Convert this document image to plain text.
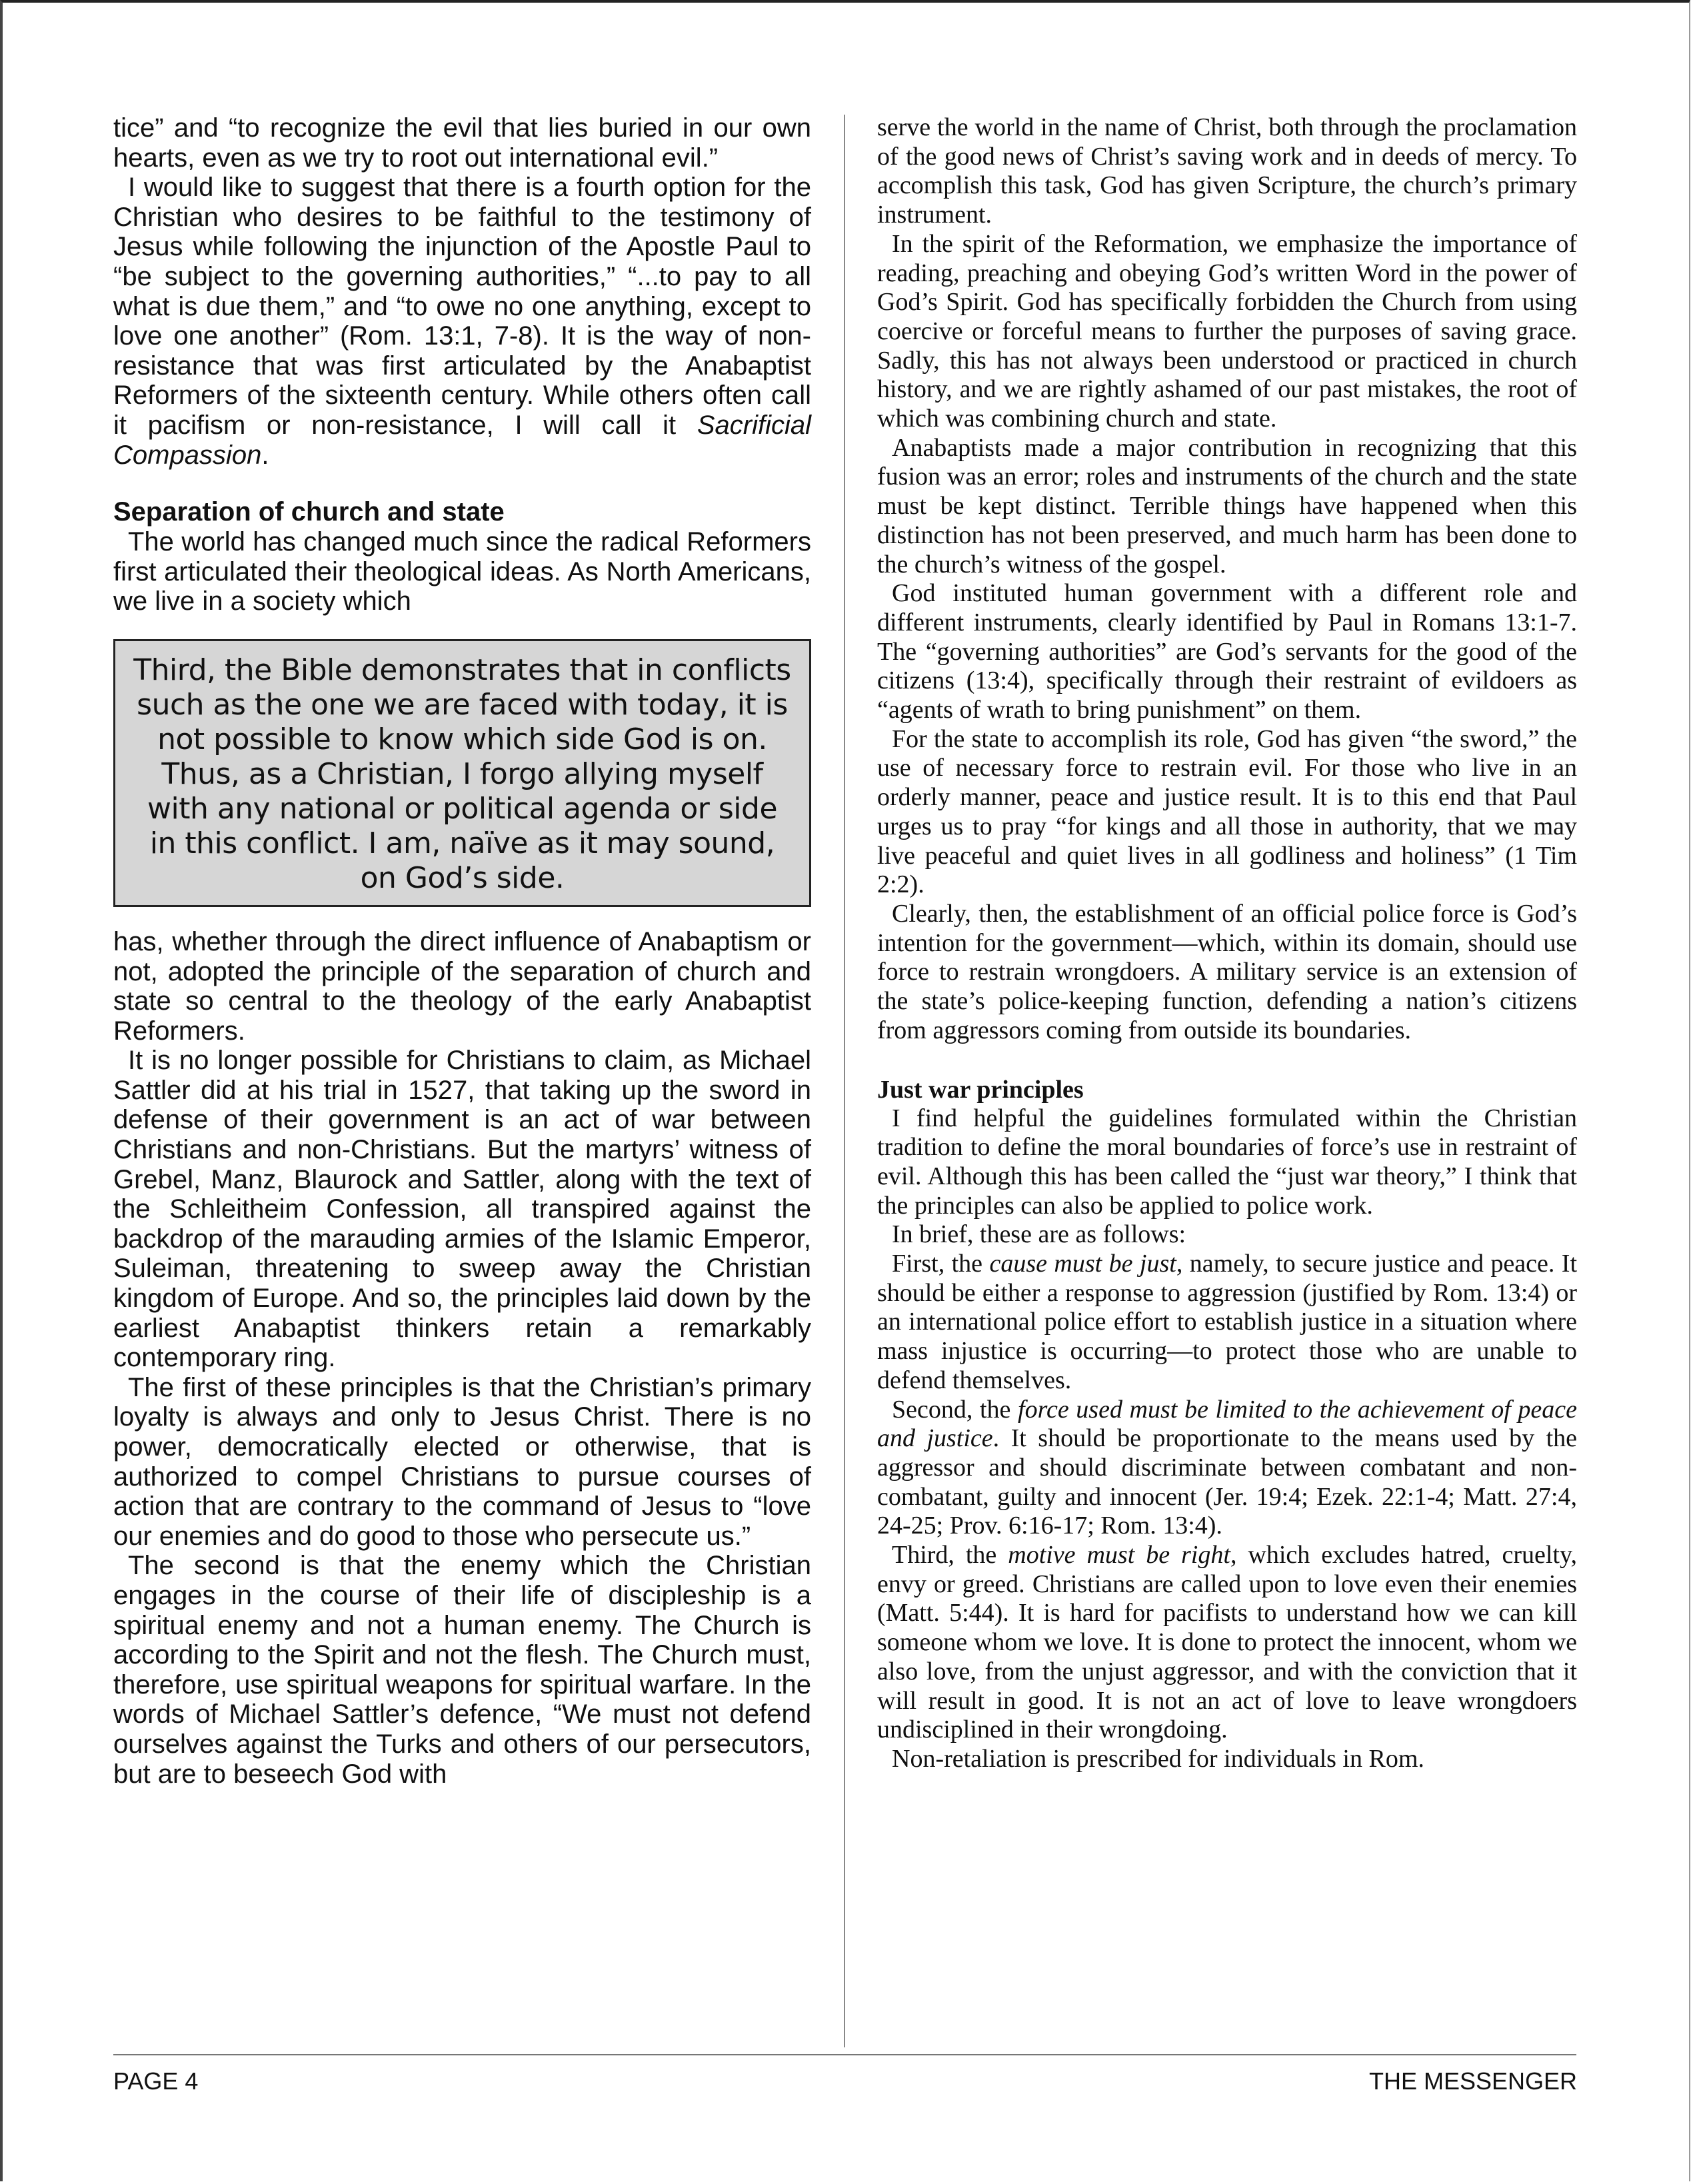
tice” and “to recognize the evil that lies buried in our own hearts, even as we try to root out international evil.”

I would like to suggest that there is a fourth option for the Christian who desires to be faithful to the testimony of Jesus while following the injunction of the Apostle Paul to “be subject to the governing authorities,” “...to pay to all what is due them,” and “to owe no one anything, except to love one another” (Rom. 13:1, 7-8). It is the way of non-resistance that was first articulated by the Anabaptist Reformers of the sixteenth century. While others often call it pacifism or non-resistance, I will call it Sacrificial Compassion.

Separation of church and state

The world has changed much since the radical Reformers first articulated their theological ideas. As North Americans, we live in a society which

Third, the Bible demonstrates that in conflicts such as the one we are faced with today, it is not possible to know which side God is on. Thus, as a Christian, I forgo allying myself with any national or political agenda or side in this conflict. I am, naïve as it may sound, on God’s side.

has, whether through the direct influence of Anabaptism or not, adopted the principle of the separation of church and state so central to the theology of the early Anabaptist Reformers.

It is no longer possible for Christians to claim, as Michael Sattler did at his trial in 1527, that taking up the sword in defense of their government is an act of war between Christians and non-Christians. But the martyrs’ witness of Grebel, Manz, Blaurock and Sattler, along with the text of the Schleitheim Confession, all transpired against the backdrop of the marauding armies of the Islamic Emperor, Suleiman, threatening to sweep away the Christian kingdom of Europe. And so, the principles laid down by the earliest Anabaptist thinkers retain a remarkably contemporary ring.

The first of these principles is that the Christian’s primary loyalty is always and only to Jesus Christ. There is no power, democratically elected or otherwise, that is authorized to compel Christians to pursue courses of action that are contrary to the command of Jesus to “love our enemies and do good to those who persecute us.”

The second is that the enemy which the Christian engages in the course of their life of discipleship is a spiritual enemy and not a human enemy. The Church is according to the Spirit and not the flesh. The Church must, therefore, use spiritual weapons for spiritual warfare. In the words of Michael Sattler’s defence, “We must not defend ourselves against the Turks and others of our persecutors, but are to beseech God with

serve the world in the name of Christ, both through the proclamation of the good news of Christ’s saving work and in deeds of mercy. To accomplish this task, God has given Scripture, the church’s primary instrument.

In the spirit of the Reformation, we emphasize the importance of reading, preaching and obeying God’s written Word in the power of God’s Spirit. God has specifically forbidden the Church from using coercive or forceful means to further the purposes of saving grace. Sadly, this has not always been understood or practiced in church history, and we are rightly ashamed of our past mistakes, the root of which was combining church and state.

Anabaptists made a major contribution in recognizing that this fusion was an error; roles and instruments of the church and the state must be kept distinct. Terrible things have happened when this distinction has not been preserved, and much harm has been done to the church’s witness of the gospel.

God instituted human government with a different role and different instruments, clearly identified by Paul in Romans 13:1-7. The “governing authorities” are God’s servants for the good of the citizens (13:4), specifically through their restraint of evildoers as “agents of wrath to bring punishment” on them.

For the state to accomplish its role, God has given “the sword,” the use of necessary force to restrain evil. For those who live in an orderly manner, peace and justice result. It is to this end that Paul urges us to pray “for kings and all those in authority, that we may live peaceful and quiet lives in all godliness and holiness” (1 Tim 2:2).

Clearly, then, the establishment of an official police force is God’s intention for the government—which, within its domain, should use force to restrain wrongdoers. A military service is an extension of the state’s police-keeping function, defending a nation’s citizens from aggressors coming from outside its boundaries.

Just war principles

I find helpful the guidelines formulated within the Christian tradition to define the moral boundaries of force’s use in restraint of evil. Although this has been called the “just war theory,” I think that the principles can also be applied to police work.

In brief, these are as follows:

First, the cause must be just, namely, to secure justice and peace. It should be either a response to aggression (justified by Rom. 13:4) or an international police effort to establish justice in a situation where mass injustice is occurring—to protect those who are unable to defend themselves.

Second, the force used must be limited to the achievement of peace and justice. It should be proportionate to the means used by the aggressor and should discriminate between combatant and non-combatant, guilty and innocent (Jer. 19:4; Ezek. 22:1-4; Matt. 27:4, 24-25; Prov. 6:16-17; Rom. 13:4).

Third, the motive must be right, which excludes hatred, cruelty, envy or greed. Christians are called upon to love even their enemies (Matt. 5:44). It is hard for pacifists to understand how we can kill someone whom we love. It is done to protect the innocent, whom we also love, from the unjust aggressor, and with the conviction that it will result in good. It is not an act of love to leave wrongdoers undisciplined in their wrongdoing.

Non-retaliation is prescribed for individuals in Rom.

PAGE 4	THE MESSENGER
